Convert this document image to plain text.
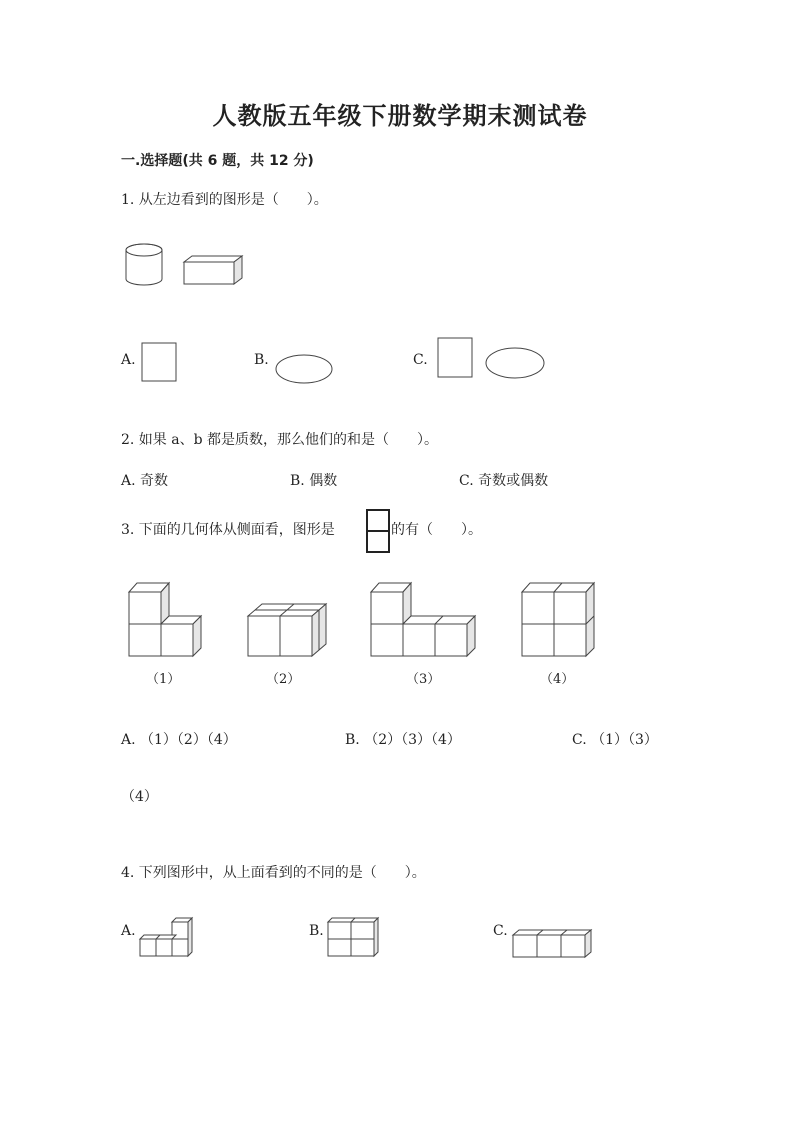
人教版五年级下册数学期末测试卷
一.选择题(共 6 题，共 12 分)
1. 从左边看到的图形是（　　）。
A.	B.	C.
2. 如果 a、b 都是质数，那么他们的和是（　　）。
A. 奇数	B. 偶数	C. 奇数或偶数
3. 下面的几何体从侧面看，图形是	的有（　　）。
（1）	（2）	（3）	（4）
A. （1）（2）（4）	B. （2）（3）（4）	C. （1）（3）
（4）
4. 下列图形中，从上面看到的不同的是（　　）。
A.	B.	C.
